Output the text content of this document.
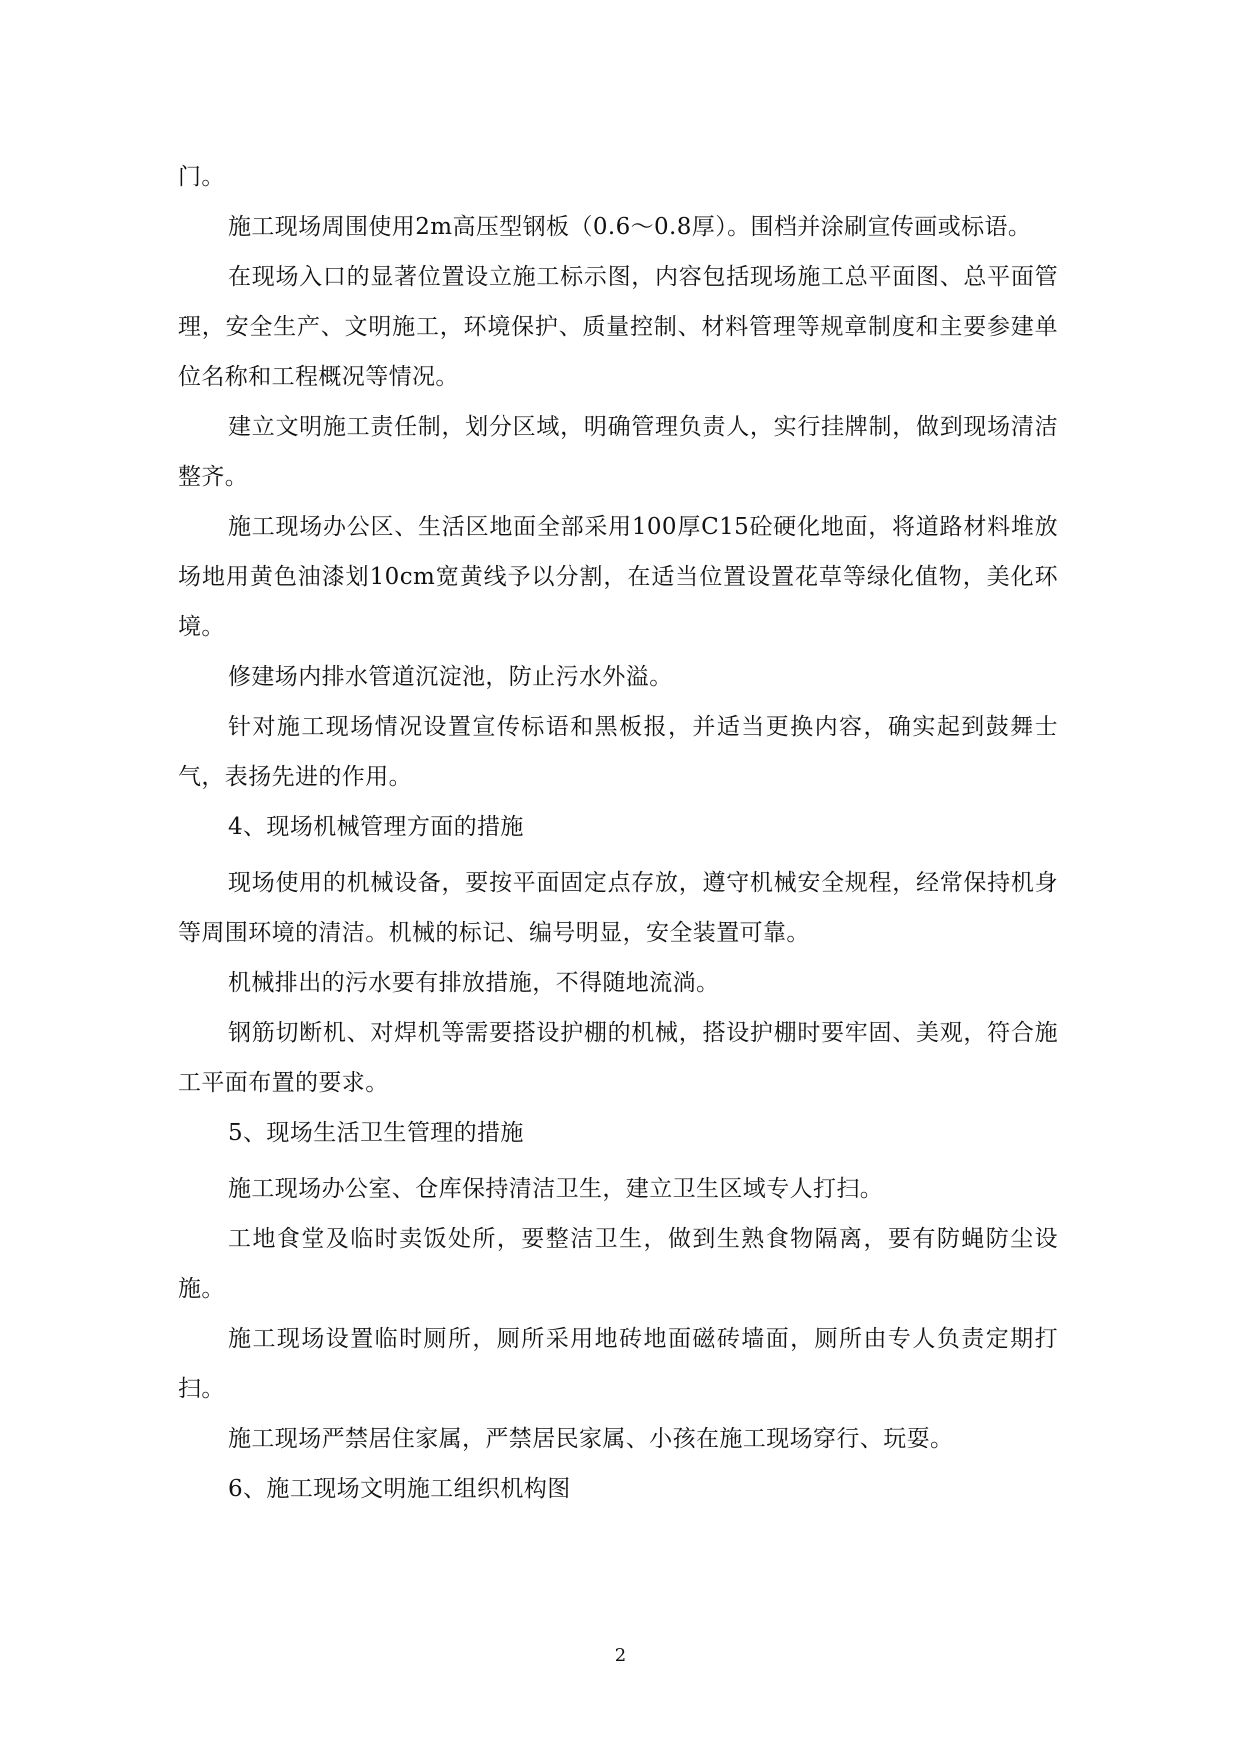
门。

施工现场周围使用2m高压型钢板（0.6～0.8厚）。围档并涂刷宣传画或标语。

在现场入口的显著位置设立施工标示图，内容包括现场施工总平面图、总平面管理，安全生产、文明施工，环境保护、质量控制、材料管理等规章制度和主要参建单位名称和工程概况等情况。

建立文明施工责任制，划分区域，明确管理负责人，实行挂牌制，做到现场清洁整齐。

施工现场办公区、生活区地面全部采用100厚C15砼硬化地面，将道路材料堆放场地用黄色油漆划10cm宽黄线予以分割，在适当位置设置花草等绿化值物，美化环境。

修建场内排水管道沉淀池，防止污水外溢。

针对施工现场情况设置宣传标语和黑板报，并适当更换内容，确实起到鼓舞士气，表扬先进的作用。

4、现场机械管理方面的措施

现场使用的机械设备，要按平面固定点存放，遵守机械安全规程，经常保持机身等周围环境的清洁。机械的标记、编号明显，安全装置可靠。

机械排出的污水要有排放措施，不得随地流淌。

钢筋切断机、对焊机等需要搭设护棚的机械，搭设护棚时要牢固、美观，符合施工平面布置的要求。

5、现场生活卫生管理的措施

施工现场办公室、仓库保持清洁卫生，建立卫生区域专人打扫。

工地食堂及临时卖饭处所，要整洁卫生，做到生熟食物隔离，要有防蝇防尘设施。

施工现场设置临时厕所，厕所采用地砖地面磁砖墙面，厕所由专人负责定期打扫。

施工现场严禁居住家属，严禁居民家属、小孩在施工现场穿行、玩耍。

6、施工现场文明施工组织机构图

2
